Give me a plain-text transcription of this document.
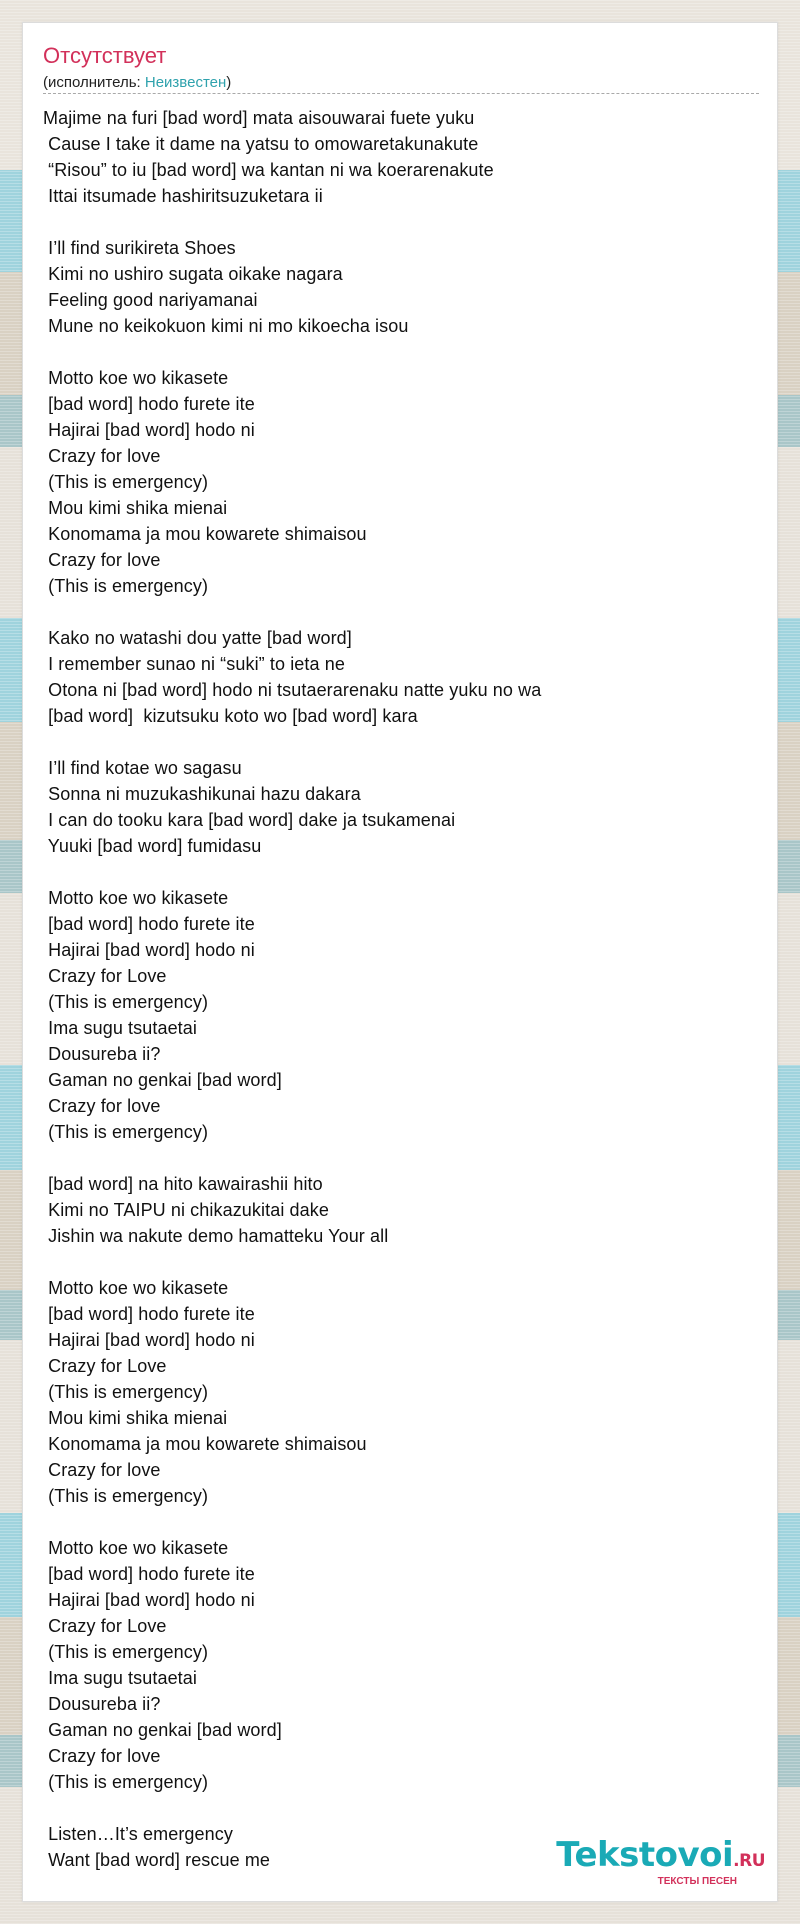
Отсутствует
(исполнитель: Неизвестен)
Majime na furi [bad word] mata aisouwarai fuete yuku
Cause I take it dame na yatsu to omowaretakunakute
“Risou” to iu [bad word] wa kantan ni wa koerarenakute
Ittai itsumade hashiritsuzuketara ii
I’ll find surikireta Shoes
Kimi no ushiro sugata oikake nagara
Feeling good nariyamanai
Mune no keikokuon kimi ni mo kikoecha isou
Motto koe wo kikasete
[bad word] hodo furete ite
Hajirai [bad word] hodo ni
Crazy for love
(This is emergency)
Mou kimi shika mienai
Konomama ja mou kowarete shimaisou
Crazy for love
(This is emergency)
Kako no watashi dou yatte [bad word]
I remember sunao ni “suki” to ieta ne
Otona ni [bad word] hodo ni tsutaerarenaku natte yuku no wa
[bad word]  kizutsuku koto wo [bad word] kara
I’ll find kotae wo sagasu
Sonna ni muzukashikunai hazu dakara
I can do tooku kara [bad word] dake ja tsukamenai
Yuuki [bad word] fumidasu
Motto koe wo kikasete
[bad word] hodo furete ite
Hajirai [bad word] hodo ni
Crazy for Love
(This is emergency)
Ima sugu tsutaetai
Dousureba ii?
Gaman no genkai [bad word]
Crazy for love
(This is emergency)
[bad word] na hito kawairashii hito
Kimi no TAIPU ni chikazukitai dake
Jishin wa nakute demo hamatteku Your all
Motto koe wo kikasete
[bad word] hodo furete ite
Hajirai [bad word] hodo ni
Crazy for Love
(This is emergency)
Mou kimi shika mienai
Konomama ja mou kowarete shimaisou
Crazy for love
(This is emergency)
Motto koe wo kikasete
[bad word] hodo furete ite
Hajirai [bad word] hodo ni
Crazy for Love
(This is emergency)
Ima sugu tsutaetai
Dousureba ii?
Gaman no genkai [bad word]
Crazy for love
(This is emergency)
Listen…It’s emergency
Want [bad word] rescue me	Tekstovoi.RU
ТЕКСТЫ ПЕСЕН
